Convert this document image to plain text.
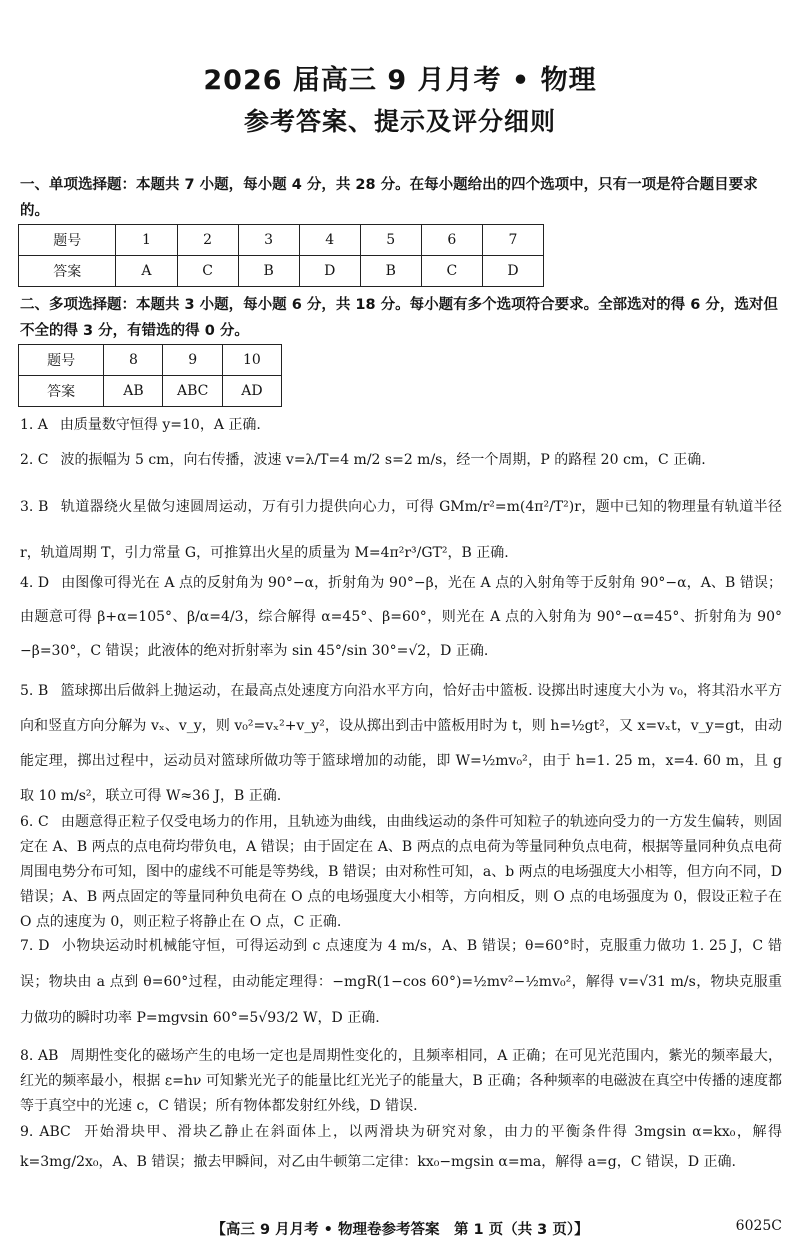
2026 届高三 9 月月考 • 物理
参考答案、提示及评分细则
一、单项选择题：本题共 7 小题，每小题 4 分，共 28 分。在每小题给出的四个选项中，只有一项是符合题目要求的。
题号	1	2	3	4	5	6	7
答案	A	C	B	D	B	C	D
二、多项选择题：本题共 3 小题，每小题 6 分，共 18 分。每小题有多个选项符合要求。全部选对的得 6 分，选对但不全的得 3 分，有错选的得 0 分。
题号	8	9	10
答案	AB	ABC	AD
1. A 由质量数守恒得 y=10，A 正确.
2. C 波的振幅为 5 cm，向右传播，波速 v=λ/T=4 m/2 s=2 m/s，经一个周期，P 的路程 20 cm，C 正确.
3. B 轨道器绕火星做匀速圆周运动，万有引力提供向心力，可得 GMm/r²=m(4π²/T²)r，题中已知的物理量有轨道半径 r，轨道周期 T，引力常量 G，可推算出火星的质量为 M=4π²r³/GT²，B 正确.
4. D 由图像可得光在 A 点的反射角为 90°−α，折射角为 90°−β，光在 A 点的入射角等于反射角 90°−α，A、B 错误；由题意可得 β+α=105°、β/α=4/3，综合解得 α=45°、β=60°，则光在 A 点的入射角为 90°−α=45°、折射角为 90°−β=30°，C 错误；此液体的绝对折射率为 sin 45°/sin 30°=√2，D 正确.
5. B 篮球掷出后做斜上抛运动，在最高点处速度方向沿水平方向，恰好击中篮板. 设掷出时速度大小为 v₀，将其沿水平方向和竖直方向分解为 vₓ、v_y，则 v₀²=vₓ²+v_y²，设从掷出到击中篮板用时为 t，则 h=½gt²，又 x=vₓt，v_y=gt，由动能定理，掷出过程中，运动员对篮球所做功等于篮球增加的动能，即 W=½mv₀²，由于 h=1. 25 m，x=4. 60 m，且 g 取 10 m/s²，联立可得 W≈36 J，B 正确.
6. C 由题意得正粒子仅受电场力的作用，且轨迹为曲线，由曲线运动的条件可知粒子的轨迹向受力的一方发生偏转，则固定在 A、B 两点的点电荷均带负电，A 错误；由于固定在 A、B 两点的点电荷为等量同种负点电荷，根据等量同种负点电荷周围电势分布可知，图中的虚线不可能是等势线，B 错误；由对称性可知，a、b 两点的电场强度大小相等，但方向不同，D 错误；A、B 两点固定的等量同种负电荷在 O 点的电场强度大小相等，方向相反，则 O 点的电场强度为 0，假设正粒子在 O 点的速度为 0，则正粒子将静止在 O 点，C 正确.
7. D 小物块运动时机械能守恒，可得运动到 c 点速度为 4 m/s，A、B 错误；θ=60°时，克服重力做功 1. 25 J，C 错误；物块由 a 点到 θ=60°过程，由动能定理得：−mgR(1−cos 60°)=½mv²−½mv₀²，解得 v=√31 m/s，物块克服重力做功的瞬时功率 P=mgvsin 60°=5√93/2 W，D 正确.
8. AB 周期性变化的磁场产生的电场一定也是周期性变化的，且频率相同，A 正确；在可见光范围内，紫光的频率最大，红光的频率最小，根据 ε=hν 可知紫光光子的能量比红光光子的能量大，B 正确；各种频率的电磁波在真空中传播的速度都等于真空中的光速 c，C 错误；所有物体都发射红外线，D 错误.
9. ABC 开始滑块甲、滑块乙静止在斜面体上，以两滑块为研究对象，由力的平衡条件得 3mgsin α=kx₀，解得 k=3mg/2x₀，A、B 错误；撤去甲瞬间，对乙由牛顿第二定律：kx₀−mgsin α=ma，解得 a=g，C 错误，D 正确.
【高三 9 月月考 • 物理卷参考答案　第 1 页（共 3 页）】	6025C
